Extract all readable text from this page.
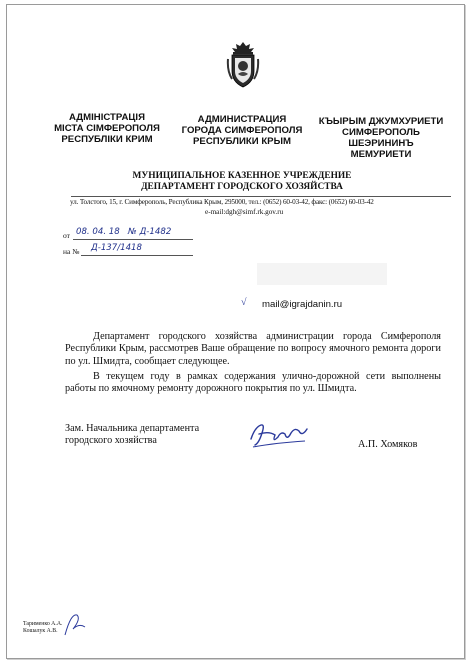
АДМІНІСТРАЦІЯ
МІСТА СІМФЕРОПОЛЯ
РЕСПУБЛІКИ КРИМ
АДМИНИСТРАЦИЯ
ГОРОДА СИМФЕРОПОЛЯ
РЕСПУБЛИКИ КРЫМ
КЪЫРЫМ ДЖУМХУРИЕТИ
СИМФЕРОПОЛЬ
ШЕЭРИНИНЪ
МЕМУРИЕТИ
МУНИЦИПАЛЬНОЕ КАЗЕННОЕ УЧРЕЖДЕНИЕ
ДЕПАРТАМЕНТ ГОРОДСКОГО ХОЗЯЙСТВА
ул. Толстого, 15, г. Симферополь, Республика Крым, 295000, тел.: (0652) 60-03-42, факс: (0652) 60-03-42
e-mail:dgh@simf.rk.gov.ru
от 08. 04. 18   № Д-1482
на № Д-137/1418
√ mail@igrajdanin.ru
Департамент городского хозяйства администрации города Симферополя Республики Крым, рассмотрев Ваше обращение по вопросу ямочного ремонта дороги по ул. Шмидта, сообщает следующее.
В текущем году в рамках содержания улично-дорожной сети выполнены работы по ямочному ремонту дорожного покрытия по ул. Шмидта.
Зам. Начальника департамента
городского хозяйства	А.П. Хомяков
Тарименко А.А.
Кошалук А.В.
